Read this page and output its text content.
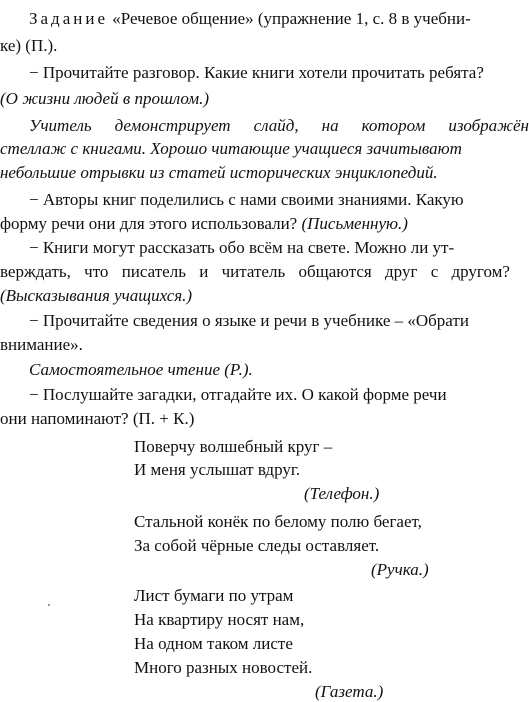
Задание «Речевое общение» (упражнение 1, с. 8 в учебни-
ке) (П.).
− Прочитайте разговор. Какие книги хотели прочитать ребята?
(О жизни людей в прошлом.)
Учитель демонстрирует слайд, на котором изображён
стеллаж с книгами. Хорошо читающие учащиеся зачитывают
небольшие отрывки из статей исторических энциклопедий.
− Авторы книг поделились с нами своими знаниями. Какую
форму речи они для этого использовали? (Письменную.)
− Книги могут рассказать обо всём на свете. Можно ли ут-
верждать, что писатель и читатель общаются друг с другом?
(Высказывания учащихся.)
− Прочитайте сведения о языке и речи в учебнике – «Обрати
внимание».
Самостоятельное чтение (Р.).
− Послушайте загадки, отгадайте их. О какой форме речи
они напоминают? (П. + К.)
Поверчу волшебный круг –
И меня услышат вдруг.
(Телефон.)
Стальной конёк по белому полю бегает,
За собой чёрные следы оставляет.
(Ручка.)
Лист бумаги по утрам
На квартиру носят нам,
На одном таком листе
Много разных новостей.
(Газета.)
